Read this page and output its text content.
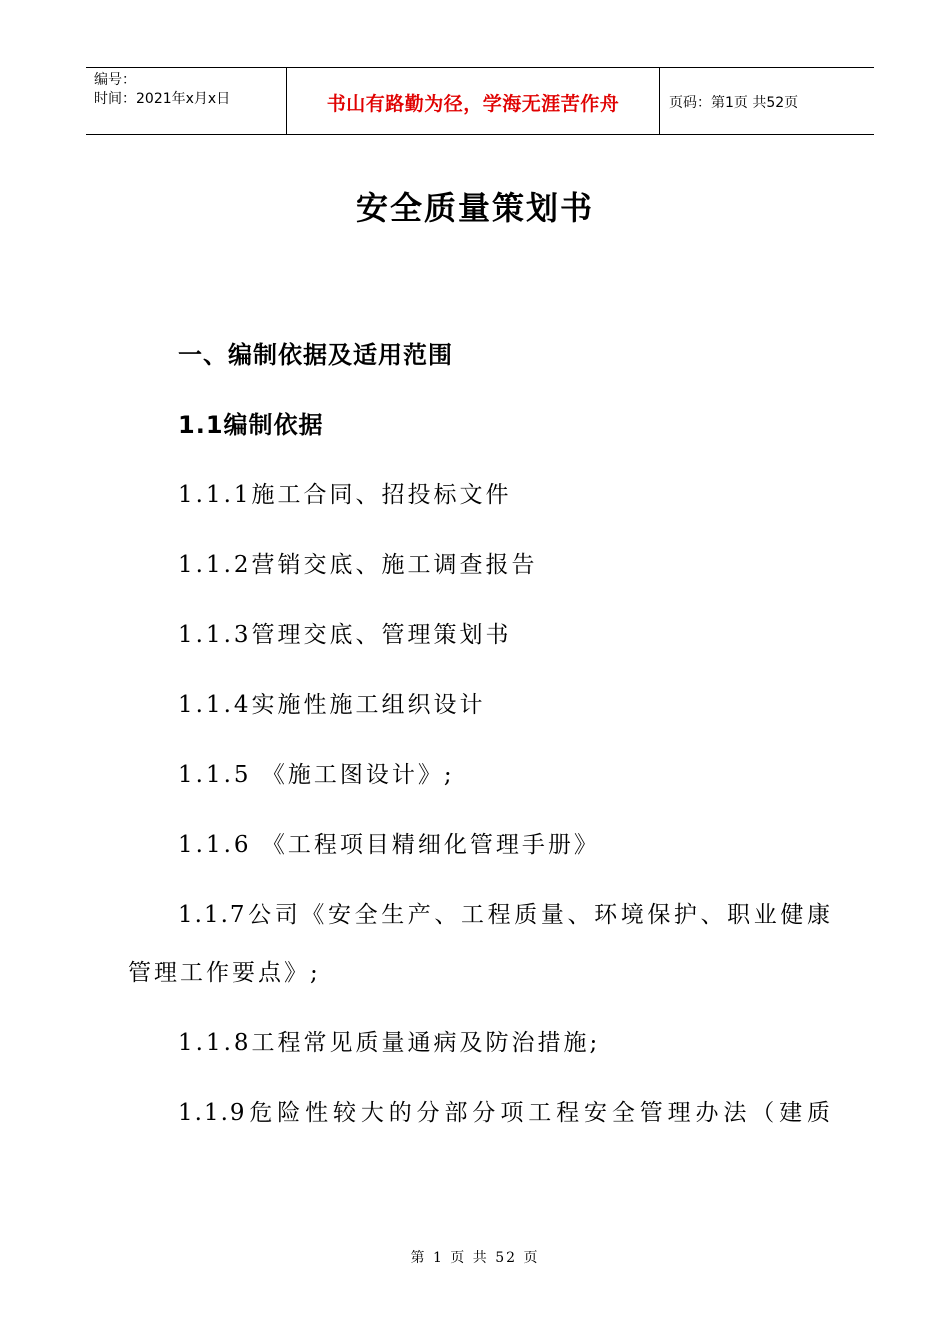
编号：
时间：2021年x月x日	书山有路勤为径，学海无涯苦作舟	页码：第1页 共52页
安全质量策划书
一、编制依据及适用范围
1.1编制依据
1.1.1施工合同、招投标文件
1.1.2营销交底、施工调查报告
1.1.3管理交底、管理策划书
1.1.4实施性施工组织设计
1.1.5 《施工图设计》;
1.1.6 《工程项目精细化管理手册》
1.1.7公司《安全生产、工程质量、环境保护、职业健康
管理工作要点》;
1.1.8工程常见质量通病及防治措施;
1.1.9危险性较大的分部分项工程安全管理办法（建质
第 1 页 共 52 页
